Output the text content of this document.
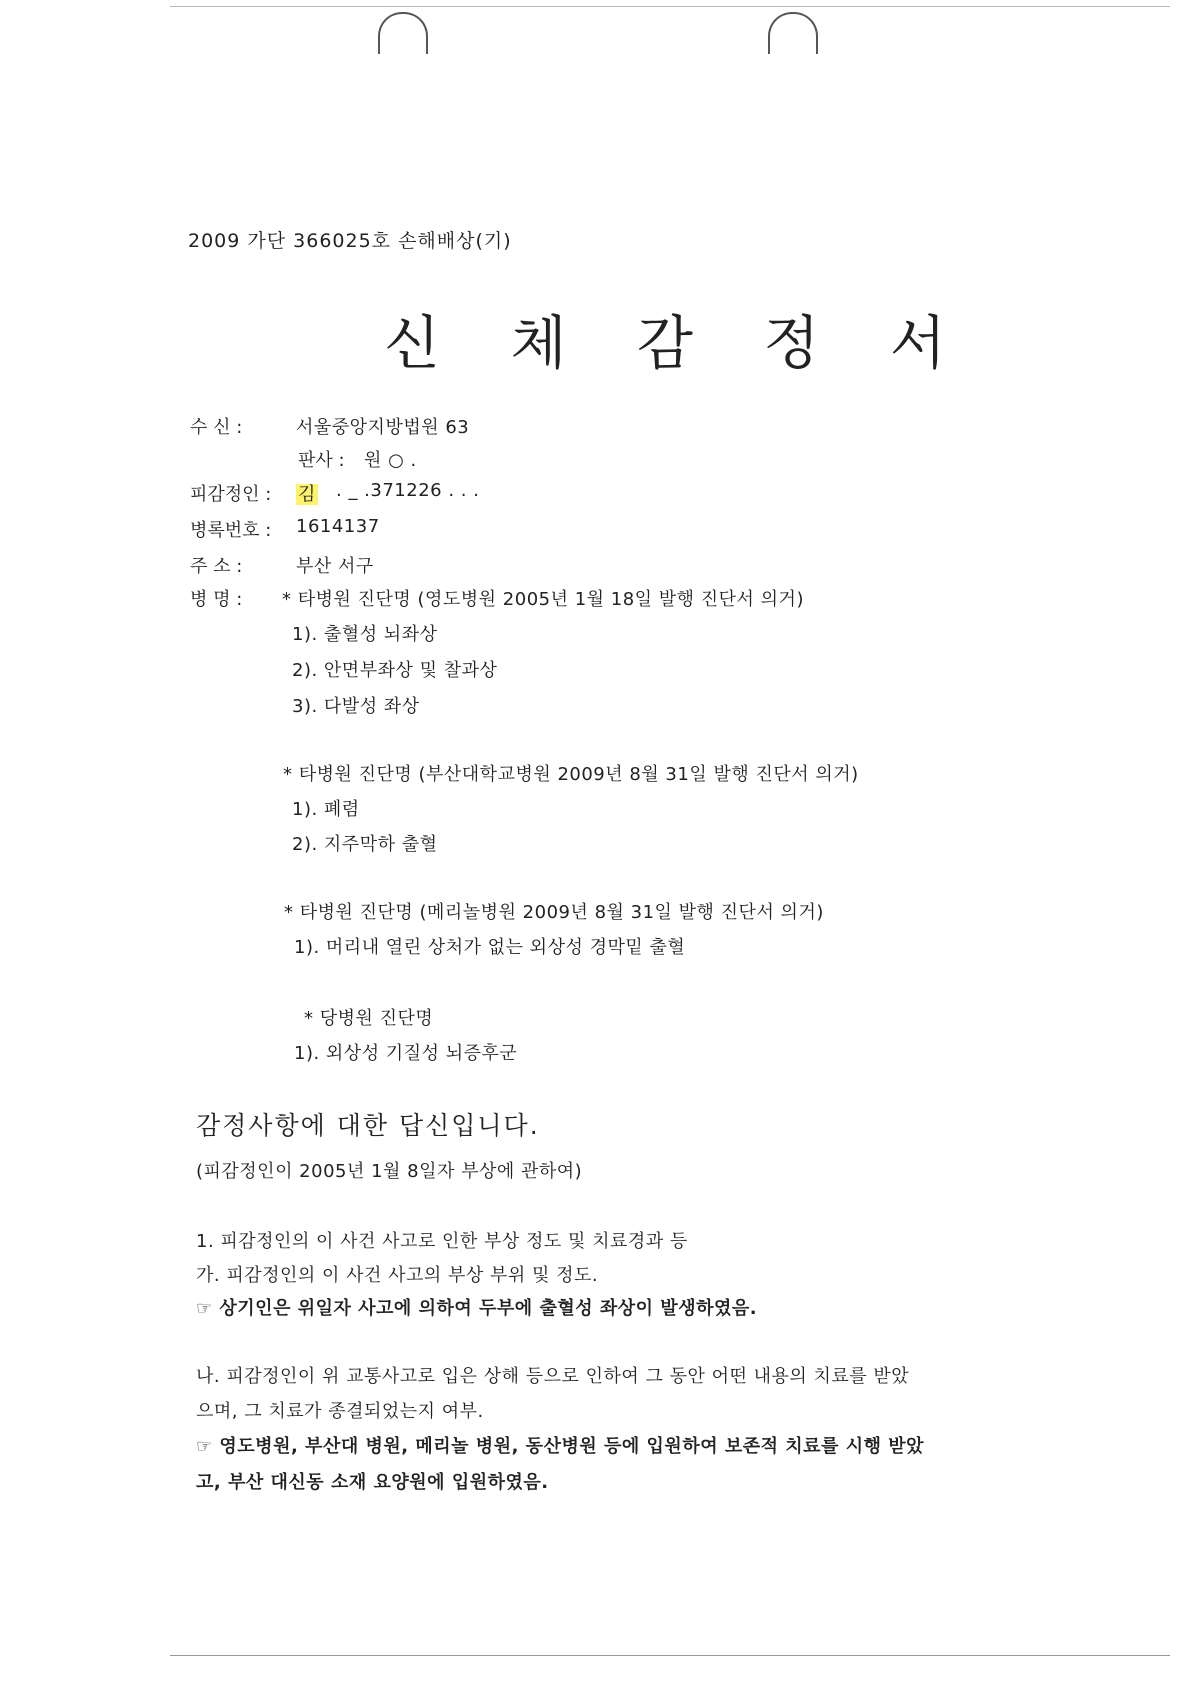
2009 가단 366025호 손해배상(기)
신 체 감 정 서
수 신 :	서울중앙지방법원 63
판사 : 원 ○ .
피감정인 : 김 . _ .371226 . . .
병록번호 : 1614137
주 소 :	부산 서구
병 명 : * 타병원 진단명 (영도병원 2005년 1월 18일 발행 진단서 의거)
1). 출혈성 뇌좌상
2). 안면부좌상 및 찰과상
3). 다발성 좌상
* 타병원 진단명 (부산대학교병원 2009년 8월 31일 발행 진단서 의거)
1). 폐렴
2). 지주막하 출혈
* 타병원 진단명 (메리놀병원 2009년 8월 31일 발행 진단서 의거)
1). 머리내 열린 상처가 없는 외상성 경막밑 출혈
* 당병원 진단명
1). 외상성 기질성 뇌증후군
감정사항에 대한 답신입니다.
(피감정인이 2005년 1월 8일자 부상에 관하여)
1. 피감정인의 이 사건 사고로 인한 부상 정도 및 치료경과 등
가. 피감정인의 이 사건 사고의 부상 부위 및 정도.
☞ 상기인은 위일자 사고에 의하여 두부에 출혈성 좌상이 발생하였음.
나. 피감정인이 위 교통사고로 입은 상해 등으로 인하여 그 동안 어떤 내용의 치료를 받았
으며, 그 치료가 종결되었는지 여부.
☞ 영도병원, 부산대 병원, 메리놀 병원, 동산병원 등에 입원하여 보존적 치료를 시행 받았
고, 부산 대신동 소재 요양원에 입원하였음.
